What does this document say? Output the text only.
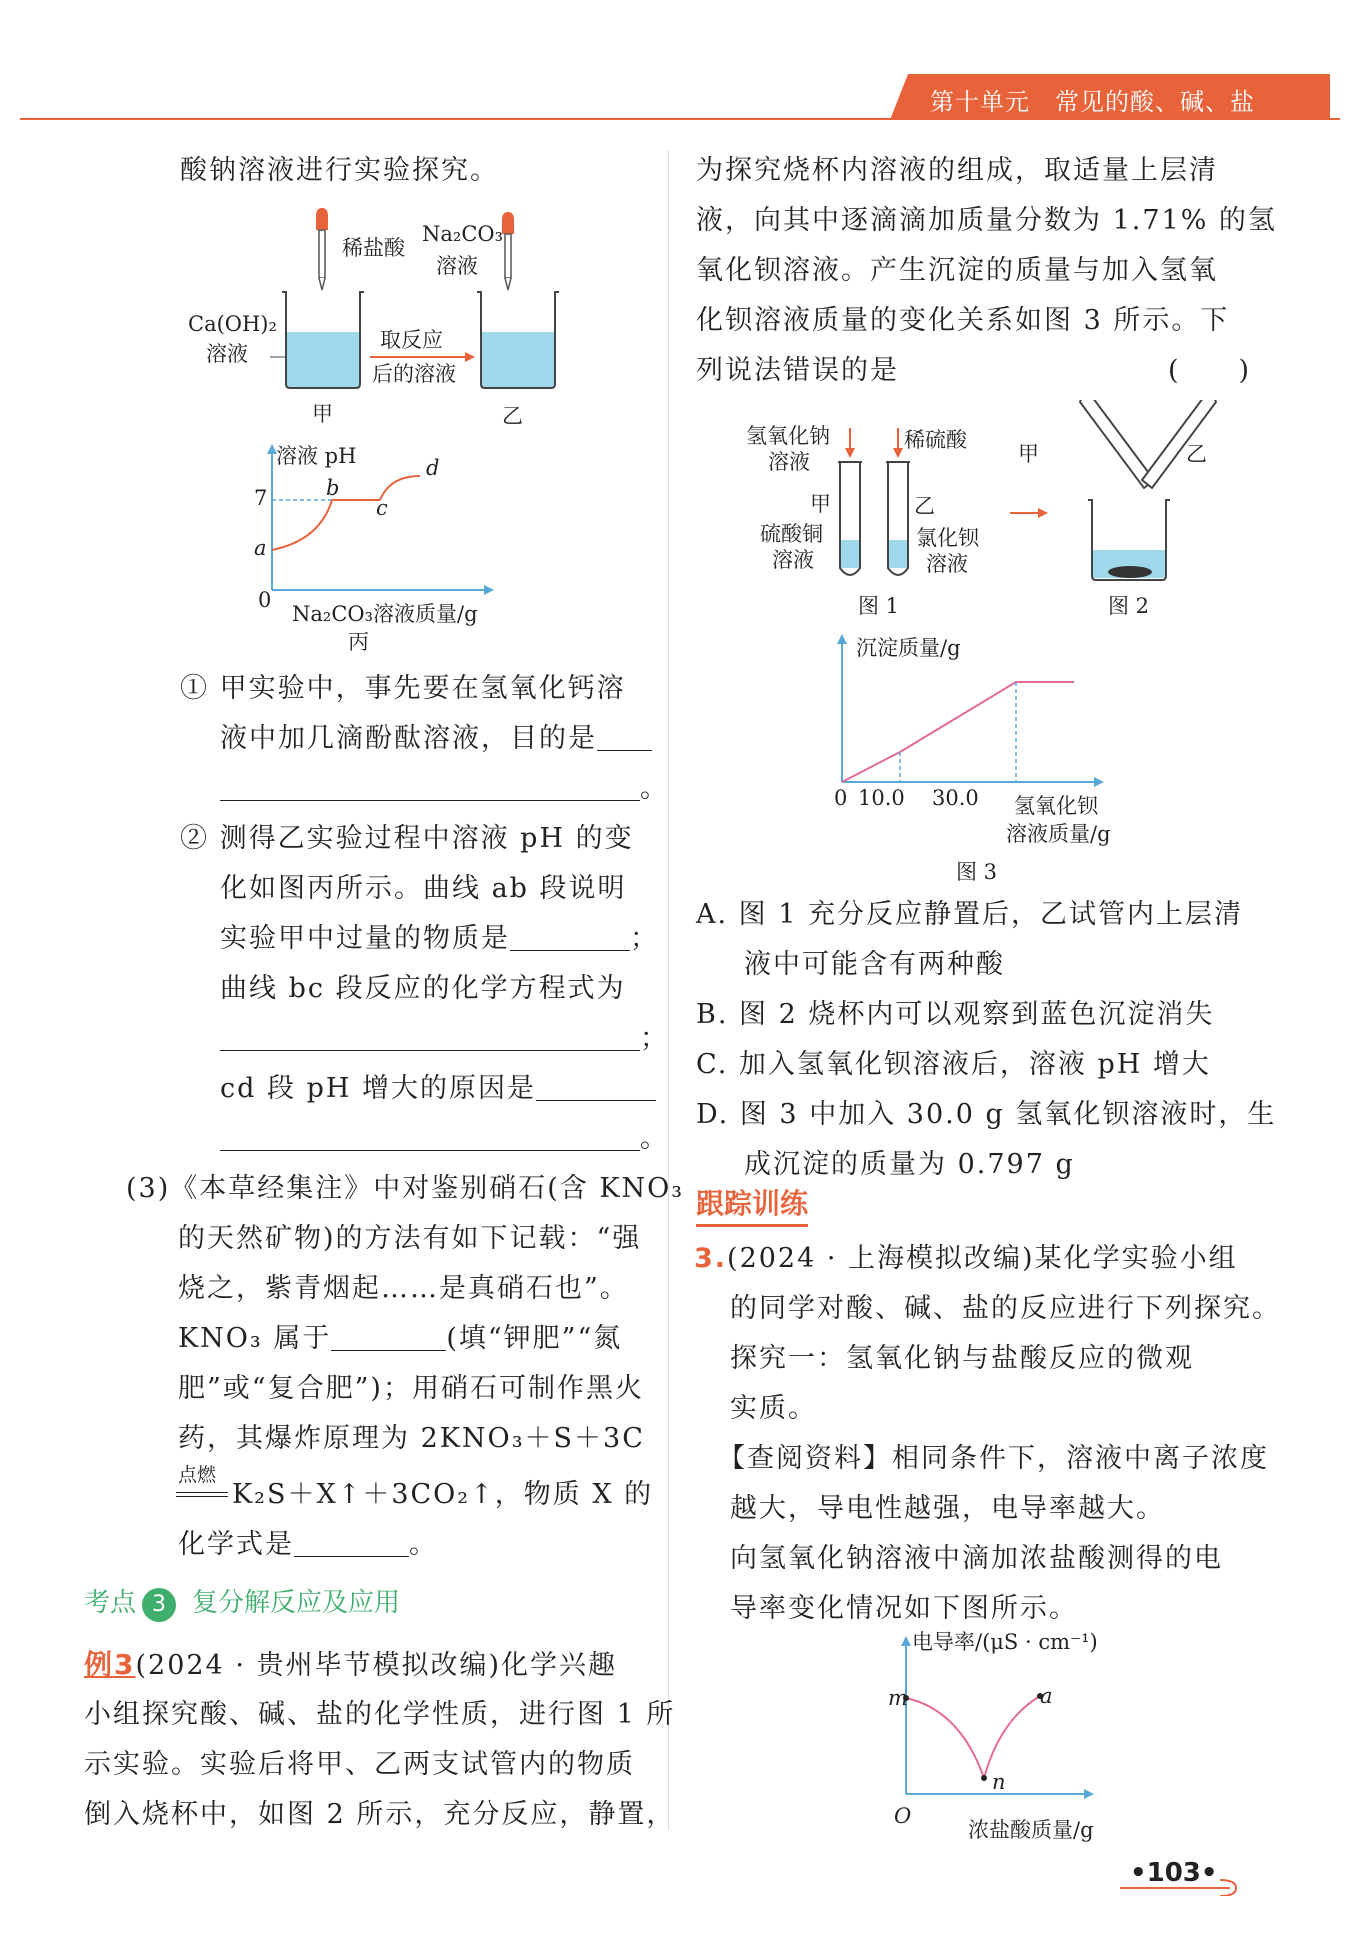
第十单元　常见的酸、碱、盐
酸钠溶液进行实验探究。
稀盐酸
Na₂CO₃
溶液
Ca(OH)₂
溶液
取反应
后的溶液
甲	乙
溶液 pH
7
a
b
c
d
0
Na₂CO₃溶液质量/g
丙
① 甲实验中，事先要在氢氧化钙溶
液中加几滴酚酞溶液，目的是
。
② 测得乙实验过程中溶液 pH 的变
化如图丙所示。曲线 ab 段说明
实验甲中过量的物质是	；
曲线 bc 段反应的化学方程式为
；
cd 段 pH 增大的原因是
。
(3)《本草经集注》中对鉴别硝石(含 KNO₃
的天然矿物)的方法有如下记载：“强
烧之，紫青烟起……是真硝石也”。
KNO₃ 属于	(填“钾肥”“氮
肥”或“复合肥”)；用硝石可制作黑火
药，其爆炸原理为 2KNO₃＋S＋3C
点燃
K₂S＋X↑＋3CO₂↑，物质 X 的
化学式是	。
考点 3 复分解反应及应用
例3(2024 · 贵州毕节模拟改编)化学兴趣
小组探究酸、碱、盐的化学性质，进行图 1 所
示实验。实验后将甲、乙两支试管内的物质
倒入烧杯中，如图 2 所示，充分反应，静置，
为探究烧杯内溶液的组成，取适量上层清
液，向其中逐滴滴加质量分数为 1.71% 的氢
氧化钡溶液。产生沉淀的质量与加入氢氧
化钡溶液质量的变化关系如图 3 所示。下
列说法错误的是	(　　)
氢氧化钠
溶液
稀硫酸
甲	乙
硫酸铜
溶液
氯化钡
溶液
图 1
甲	乙
图 2
沉淀质量/g
0 10.0 30.0 氢氧化钡
溶液质量/g
图 3
A. 图 1 充分反应静置后，乙试管内上层清
液中可能含有两种酸
B. 图 2 烧杯内可以观察到蓝色沉淀消失
C. 加入氢氧化钡溶液后，溶液 pH 增大
D. 图 3 中加入 30.0 g 氢氧化钡溶液时，生
成沉淀的质量为 0.797 g
跟踪训练
3.(2024 · 上海模拟改编)某化学实验小组
的同学对酸、碱、盐的反应进行下列探究。
探究一：氢氧化钠与盐酸反应的微观
实质。
【查阅资料】相同条件下，溶液中离子浓度
越大，导电性越强，电导率越大。
向氢氧化钠溶液中滴加浓盐酸测得的电
导率变化情况如下图所示。
电导率/(μS · cm⁻¹)
m
n
a
O
浓盐酸质量/g
•103•
